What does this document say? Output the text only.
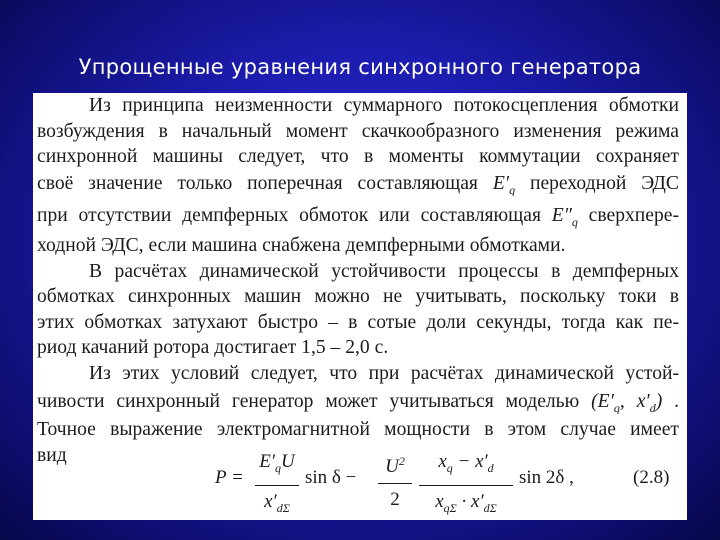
Упрощенные уравнения синхронного генератора
Из принципа неизменности суммарного потокосцепления обмотки
возбуждения в начальный момент скачкообразного изменения режима
синхронной машины следует, что в моменты коммутации сохраняет
своё значение только поперечная составляющая $E'_q$ переходной ЭДС
при отсутствии демпферных обмоток или составляющая $E''_q$ сверхпере-
ходной ЭДС, если машина снабжена демпферными обмотками.
В расчётах динамической устойчивости процессы в демпферных
обмотках синхронных машин можно не учитывать, поскольку токи в
этих обмотках затухают быстро – в сотые доли секунды, тогда как пе-
риод качаний ротора достигает 1,5 – 2,0 с.
Из этих условий следует, что при расчётах динамической устой-
чивости синхронный генератор может учитываться моделью ($E'_q$, $x'_d$) .
Точное выражение электромагнитной мощности в этом случае имеет
вид
P =
$E'_qU$
$x'_{d\Sigma}$
sin δ −
$U^2$
2
$x_q - x'_d$
$x_{q\Sigma} \cdot x'_{d\Sigma}$
sin 2δ ,	(2.8)
